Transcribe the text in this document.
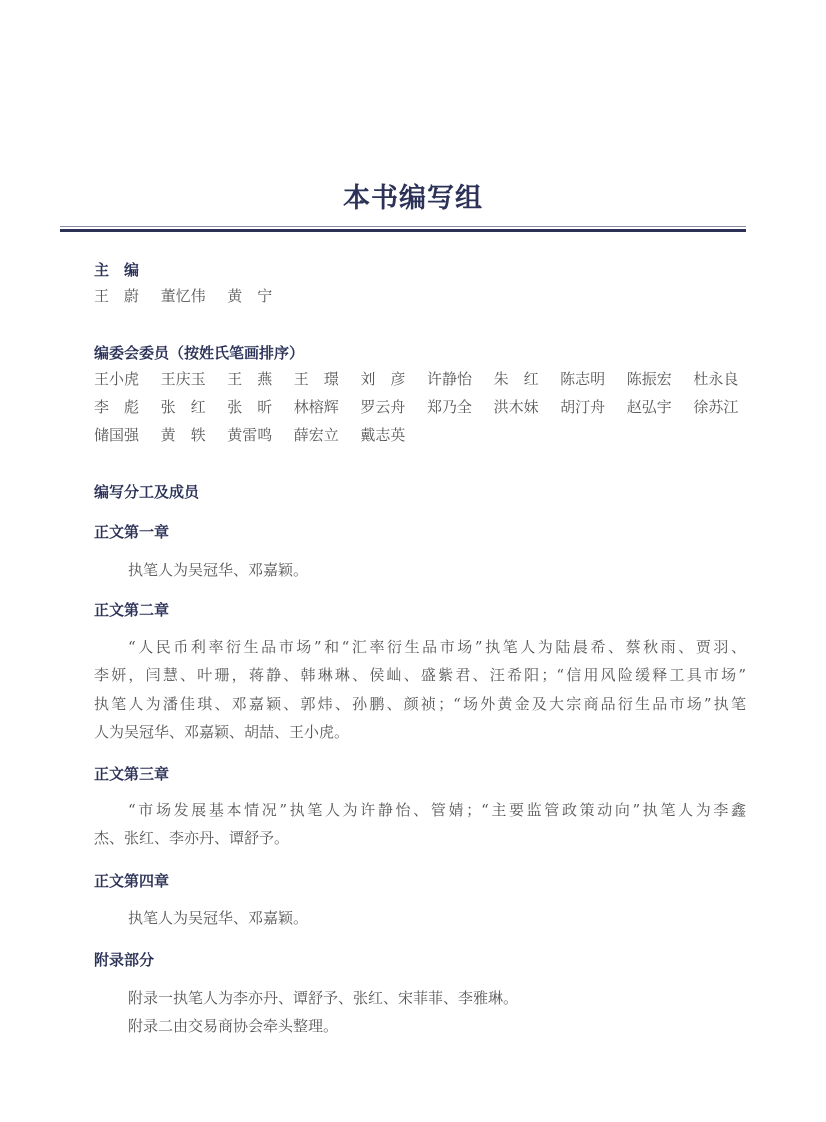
本书编写组
主　编
王　蔚 董忆伟 黄　宁
编委会委员（按姓氏笔画排序）
王小虎 王庆玉 王　燕 王　璟 刘　彦 许静怡 朱　红 陈志明 陈振宏 杜永良
李　彪 张　红 张　昕 林榕辉 罗云舟 郑乃全 洪木妹 胡汀舟 赵弘宇 徐苏江
储国强 黄　轶 黄雷鸣 薛宏立 戴志英
编写分工及成员
正文第一章
执笔人为吴冠华、邓嘉颖。
正文第二章
“人民币利率衍生品市场”和“汇率衍生品市场”执笔人为陆晨希、蔡秋雨、贾羽、
李妍，闫慧、叶珊，蒋静、韩琳琳、侯屾、盛紫君、汪希阳；“信用风险缓释工具市场”
执笔人为潘佳琪、邓嘉颖、郭炜、孙鹏、颜祯；“场外黄金及大宗商品衍生品市场”执笔
人为吴冠华、邓嘉颖、胡喆、王小虎。
正文第三章
“市场发展基本情况”执笔人为许静怡、管婧；“主要监管政策动向”执笔人为李鑫
杰、张红、李亦丹、谭舒予。
正文第四章
执笔人为吴冠华、邓嘉颖。
附录部分
附录一执笔人为李亦丹、谭舒予、张红、宋菲菲、李雅琳。
附录二由交易商协会牵头整理。
